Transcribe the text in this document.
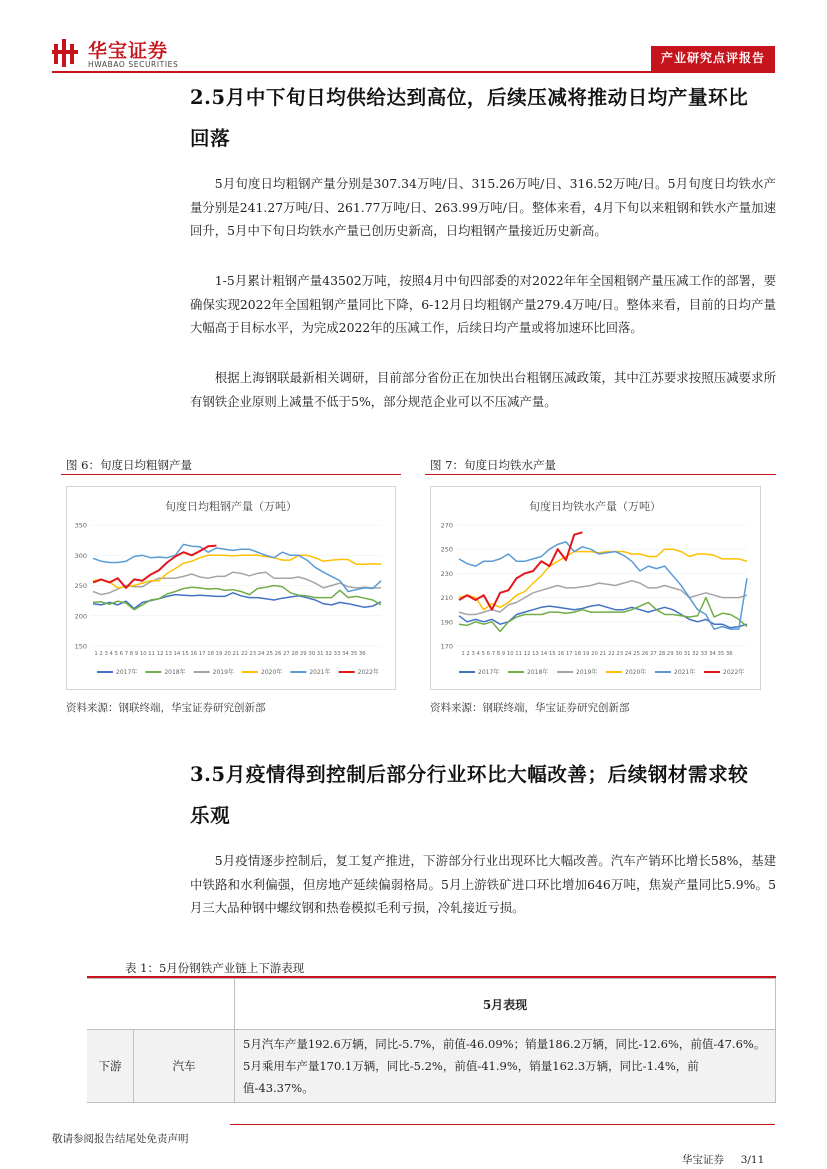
华宝证券
HWABAO SECURITIES	产业研究点评报告
2.5月中下旬日均供给达到高位，后续压减将推动日均产量环比
回落
5月旬度日均粗钢产量分别是307.34万吨/日、315.26万吨/日、316.52万吨/日。5月旬度日均铁水产量分别是241.27万吨/日、261.77万吨/日、263.99万吨/日。整体来看，4月下旬以来粗钢和铁水产量加速回升，5月中下旬日均铁水产量已创历史新高，日均粗钢产量接近历史新高。
1-5月累计粗钢产量43502万吨，按照4月中旬四部委的对2022年年全国粗钢产量压减工作的部署，要确保实现2022年全国粗钢产量同比下降，6-12月日均粗钢产量279.4万吨/日。整体来看，目前的日均产量大幅高于目标水平，为完成2022年的压减工作，后续日均产量或将加速环比回落。
根据上海钢联最新相关调研，目前部分省份正在加快出台粗钢压减政策，其中江苏要求按照压减要求所有钢铁企业原则上减量不低于5%，部分规范企业可以不压减产量。
图 6：旬度日均粗钢产量
旬度日均粗钢产量（万吨）
350
300
250
200
150
1 2 3 4 5 6 7 8 9 10 11 12 13 14 15 16 17 18 19 20 21 22 23 24 25 26 27 28 29 30 31 32 33 34 35 36
2017年	2018年	2019年	2020年	2021年	2022年
资料来源：钢联终端，华宝证券研究创新部
图 7：旬度日均铁水产量
旬度日均铁水产量（万吨）
270
250
230
210
190
170
1 2 3 4 5 6 7 8 9 10 11 12 13 14 15 16 17 18 19 20 21 22 23 24 25 26 27 28 29 30 31 32 33 34 35 36
2017年	2018年	2019年	2020年	2021年	2022年
资料来源：钢联终端，华宝证券研究创新部
3.5月疫情得到控制后部分行业环比大幅改善；后续钢材需求较
乐观
5月疫情逐步控制后，复工复产推进，下游部分行业出现环比大幅改善。汽车产销环比增长58%，基建中铁路和水利偏强，但房地产延续偏弱格局。5月上游铁矿进口环比增加646万吨，焦炭产量同比5.9%。5月三大品种钢中螺纹钢和热卷模拟毛利亏损，冷轧接近亏损。
表 1：5月份钢铁产业链上下游表现
		5月表现
下游	汽车	5月汽车产量192.6万辆，同比-5.7%，前值-46.09%；销量186.2万辆，同比-12.6%，前值-47.6%。5月乘用车产量170.1万辆，同比-5.2%，前值-41.9%，销量162.3万辆，同比-1.4%，前值-43.37%。
敬请参阅报告结尾处免责声明
华宝证券 3/11
